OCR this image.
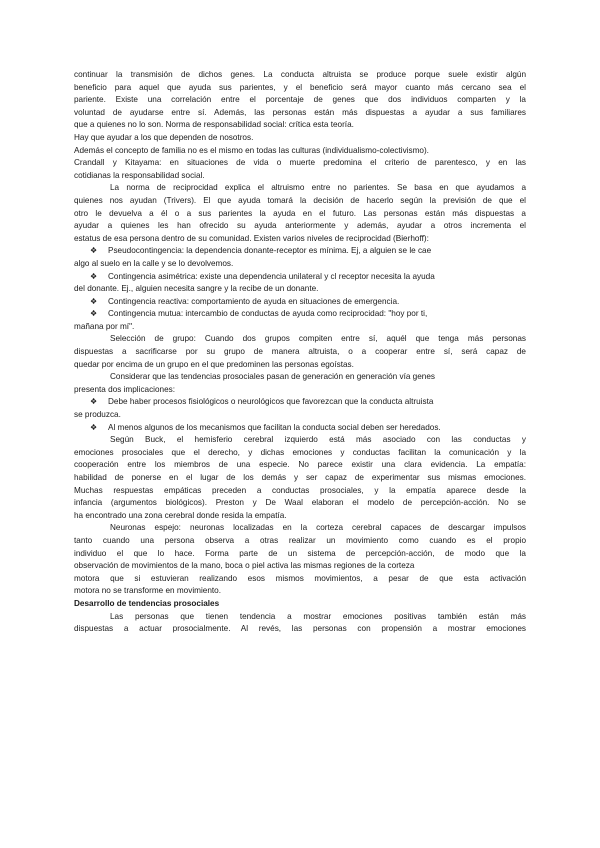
continuar la transmisión de dichos genes. La conducta altruista se produce porque suele existir algún

beneficio para aquel que ayuda sus parientes, y el beneficio será mayor cuanto más cercano sea el

pariente. Existe una correlación entre el porcentaje de genes que dos individuos comparten y la

voluntad de ayudarse entre sí. Además, las personas están más dispuestas a ayudar a sus familiares

que a quienes no lo son. Norma de responsabilidad social: crítica esta teoría.

Hay que ayudar a los que dependen de nosotros.

Además el concepto de familia no es el mismo en todas las culturas (individualismo-colectivismo).

Crandall y Kitayama: en situaciones de vida o muerte predomina el criterio de parentesco, y en las

cotidianas la responsabilidad social.

La norma de reciprocidad explica el altruismo entre no parientes. Se basa en que ayudamos a

quienes nos ayudan (Trivers). El que ayuda tomará la decisión de hacerlo según la previsión de que el

otro le devuelva a él o a sus parientes la ayuda en el futuro. Las personas están más dispuestas a

ayudar a quienes les han ofrecido su ayuda anteriormente y además, ayudar a otros incrementa el

estatus de esa persona dentro de su comunidad. Existen varios niveles de reciprocidad (Bierhoff):

❖ Pseudocontingencia: la dependencia donante-receptor es mínima. Ej, a alguien se le cae

algo al suelo en la calle y se lo devolvemos.

❖ Contingencia asimétrica: existe una dependencia unilateral y cl receptor necesita la ayuda

del donante. Ej., alguien necesita sangre y la recibe de un donante.

❖ Contingencia reactiva: comportamiento de ayuda en situaciones de emergencia.

❖ Contingencia mutua: intercambio de conductas de ayuda como reciprocidad: "hoy por ti,

mañana por mí".

Selección de grupo: Cuando dos grupos compiten entre sí, aquél que tenga más personas

dispuestas a sacrificarse por su grupo de manera altruista, o a cooperar entre sí, será capaz de

quedar por encima de un grupo en el que predominen las personas egoístas.

Considerar que las tendencias prosociales pasan de generación en generación vía genes

presenta dos implicaciones:

❖ Debe haber procesos fisiológicos o neurológicos que favorezcan que la conducta altruista

se produzca.

❖ Al menos algunos de los mecanismos que facilitan la conducta social deben ser heredados.

Según Buck, el hemisferio cerebral izquierdo está más asociado con las conductas y

emociones prosociales que el derecho, y dichas emociones y conductas facilitan la comunicación y la

cooperación entre los miembros de una especie. No parece existir una clara evidencia. La empatía:

habilidad de ponerse en el lugar de los demás y ser capaz de experimentar sus mismas emociones.

Muchas respuestas empáticas preceden a conductas prosociales, y la empatía aparece desde la

infancia (argumentos biológicos). Preston y De Waal elaboran el modelo de percepción-acción. No se

ha encontrado una zona cerebral donde resida la empatía.

Neuronas espejo: neuronas localizadas en la corteza cerebral capaces de descargar impulsos

tanto cuando una persona observa a otras realizar un movimiento como cuando es el propio

individuo el que lo hace. Forma parte de un sistema de percepción-acción, de modo que la

observación de movimientos de la mano, boca o piel activa las mismas regiones de la corteza

motora que si estuvieran realizando esos mismos movimientos, a pesar de que esta activación

motora no se transforme en movimiento.

Desarrollo de tendencias prosociales

Las personas que tienen tendencia a mostrar emociones positivas también están más

dispuestas a actuar prosocialmente. Al revés, las personas con propensión a mostrar emociones
